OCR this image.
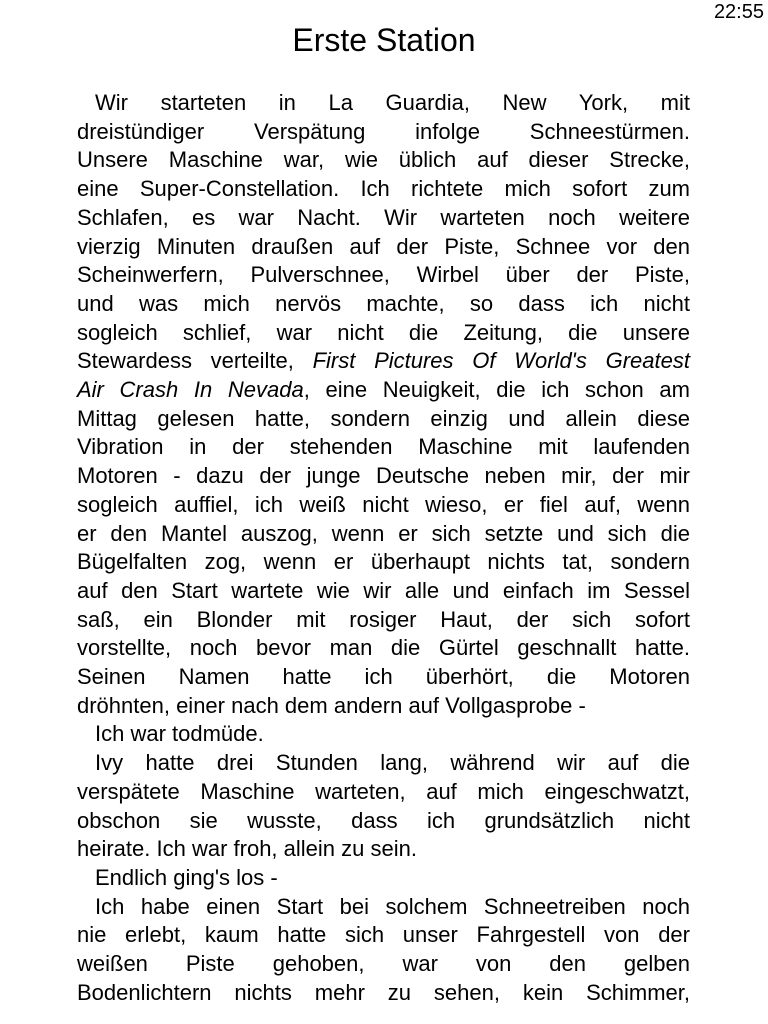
22:55
Erste Station
Wir starteten in La Guardia, New York, mit
dreistündiger Verspätung infolge Schneestürmen.
Unsere Maschine war, wie üblich auf dieser Strecke,
eine Super-Constellation. Ich richtete mich sofort zum
Schlafen, es war Nacht. Wir warteten noch weitere
vierzig Minuten draußen auf der Piste, Schnee vor den
Scheinwerfern, Pulverschnee, Wirbel über der Piste,
und was mich nervös machte, so dass ich nicht
sogleich schlief, war nicht die Zeitung, die unsere
Stewardess verteilte, First Pictures Of World's Greatest
Air Crash In Nevada, eine Neuigkeit, die ich schon am
Mittag gelesen hatte, sondern einzig und allein diese
Vibration in der stehenden Maschine mit laufenden
Motoren - dazu der junge Deutsche neben mir, der mir
sogleich auffiel, ich weiß nicht wieso, er fiel auf, wenn
er den Mantel auszog, wenn er sich setzte und sich die
Bügelfalten zog, wenn er überhaupt nichts tat, sondern
auf den Start wartete wie wir alle und einfach im Sessel
saß, ein Blonder mit rosiger Haut, der sich sofort
vorstellte, noch bevor man die Gürtel geschnallt hatte.
Seinen Namen hatte ich überhört, die Motoren
dröhnten, einer nach dem andern auf Vollgasprobe -
Ich war todmüde.
Ivy hatte drei Stunden lang, während wir auf die
verspätete Maschine warteten, auf mich eingeschwatzt,
obschon sie wusste, dass ich grundsätzlich nicht
heirate. Ich war froh, allein zu sein.
Endlich ging's los -
Ich habe einen Start bei solchem Schneetreiben noch
nie erlebt, kaum hatte sich unser Fahrgestell von der
weißen Piste gehoben, war von den gelben
Bodenlichtern nichts mehr zu sehen, kein Schimmer,
